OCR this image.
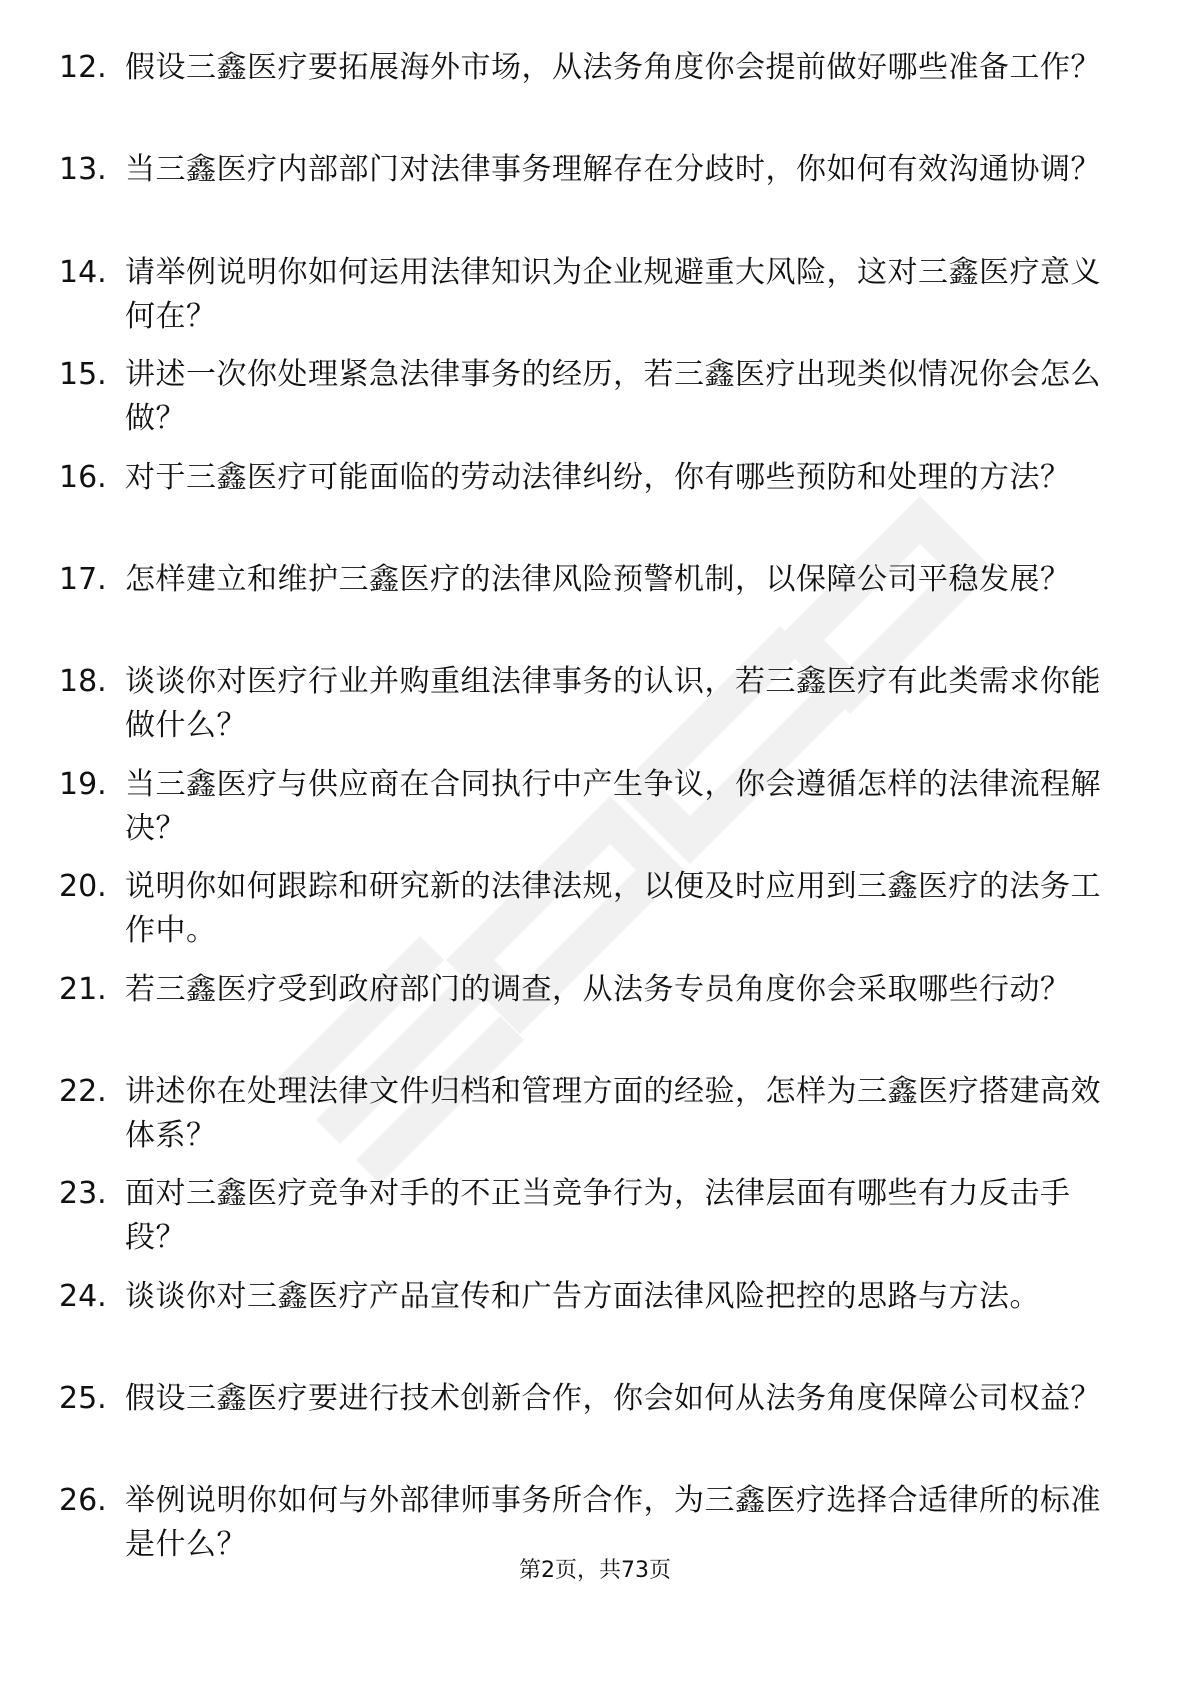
12. 假设三鑫医疗要拓展海外市场，从法务角度你会提前做好哪些准备工作？
13. 当三鑫医疗内部部门对法律事务理解存在分歧时，你如何有效沟通协调？
14. 请举例说明你如何运用法律知识为企业规避重大风险，这对三鑫医疗意义何在？
15. 讲述一次你处理紧急法律事务的经历，若三鑫医疗出现类似情况你会怎么做？
16. 对于三鑫医疗可能面临的劳动法律纠纷，你有哪些预防和处理的方法？
17. 怎样建立和维护三鑫医疗的法律风险预警机制，以保障公司平稳发展？
18. 谈谈你对医疗行业并购重组法律事务的认识，若三鑫医疗有此类需求你能做什么？
19. 当三鑫医疗与供应商在合同执行中产生争议，你会遵循怎样的法律流程解决？
20. 说明你如何跟踪和研究新的法律法规，以便及时应用到三鑫医疗的法务工作中。
21. 若三鑫医疗受到政府部门的调查，从法务专员角度你会采取哪些行动？
22. 讲述你在处理法律文件归档和管理方面的经验，怎样为三鑫医疗搭建高效体系？
23. 面对三鑫医疗竞争对手的不正当竞争行为，法律层面有哪些有力反击手段？
24. 谈谈你对三鑫医疗产品宣传和广告方面法律风险把控的思路与方法。
25. 假设三鑫医疗要进行技术创新合作，你会如何从法务角度保障公司权益？
26. 举例说明你如何与外部律师事务所合作，为三鑫医疗选择合适律所的标准是什么？
第2页，共73页
